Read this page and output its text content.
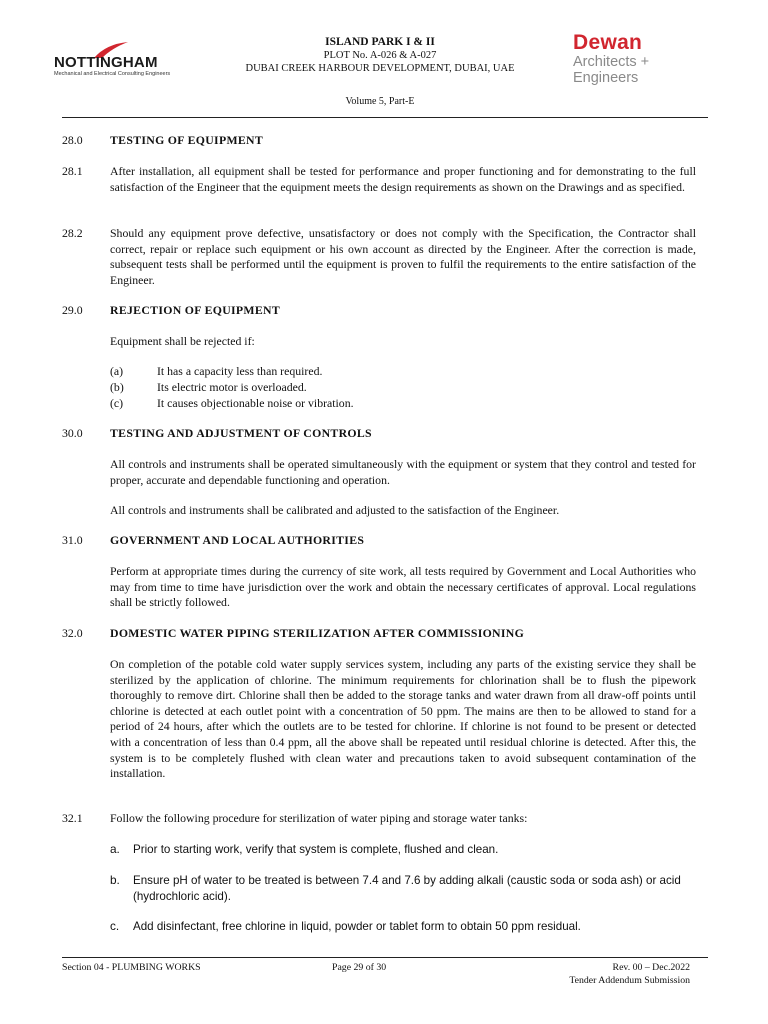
NOTTINGHAM
Mechanical and Electrical Consulting Engineers
ISLAND PARK I & II
PLOT No. A-026 & A-027
DUBAI CREEK HARBOUR DEVELOPMENT, DUBAI, UAE
Volume 5, Part-E
Dewan
Architects +
Engineers
28.0 TESTING OF EQUIPMENT
28.1 After installation, all equipment shall be tested for performance and proper functioning and for demonstrating to the full satisfaction of the Engineer that the equipment meets the design requirements as shown on the Drawings and as specified.
28.2 Should any equipment prove defective, unsatisfactory or does not comply with the Specification, the Contractor shall correct, repair or replace such equipment or his own account as directed by the Engineer. After the correction is made, subsequent tests shall be performed until the equipment is proven to fulfil the requirements to the entire satisfaction of the Engineer.
29.0 REJECTION OF EQUIPMENT
Equipment shall be rejected if:
(a)	It has a capacity less than required.
(b)	Its electric motor is overloaded.
(c)	It causes objectionable noise or vibration.
30.0 TESTING AND ADJUSTMENT OF CONTROLS
All controls and instruments shall be operated simultaneously with the equipment or system that they control and tested for proper, accurate and dependable functioning and operation.
All controls and instruments shall be calibrated and adjusted to the satisfaction of the Engineer.
31.0 GOVERNMENT AND LOCAL AUTHORITIES
Perform at appropriate times during the currency of site work, all tests required by Government and Local Authorities who may from time to time have jurisdiction over the work and obtain the necessary certificates of approval. Local regulations shall be strictly followed.
32.0 DOMESTIC WATER PIPING STERILIZATION AFTER COMMISSIONING
On completion of the potable cold water supply services system, including any parts of the existing service they shall be sterilized by the application of chlorine. The minimum requirements for chlorination shall be to flush the pipework thoroughly to remove dirt. Chlorine shall then be added to the storage tanks and water drawn from all draw-off points until chlorine is detected at each outlet point with a concentration of 50 ppm. The mains are then to be allowed to stand for a period of 24 hours, after which the outlets are to be tested for chlorine. If chlorine is not found to be present or detected with a concentration of less than 0.4 ppm, all the above shall be repeated until residual chlorine is detected. After this, the system is to be completely flushed with clean water and precautions taken to avoid subsequent contamination of the installation.
32.1 Follow the following procedure for sterilization of water piping and storage water tanks:
a. Prior to starting work, verify that system is complete, flushed and clean.
b. Ensure pH of water to be treated is between 7.4 and 7.6 by adding alkali (caustic soda or soda ash) or acid (hydrochloric acid).
c. Add disinfectant, free chlorine in liquid, powder or tablet form to obtain 50 ppm residual.
Section 04 - PLUMBING WORKS	Page 29 of 30	Rev. 00 – Dec.2022
Tender Addendum Submission
